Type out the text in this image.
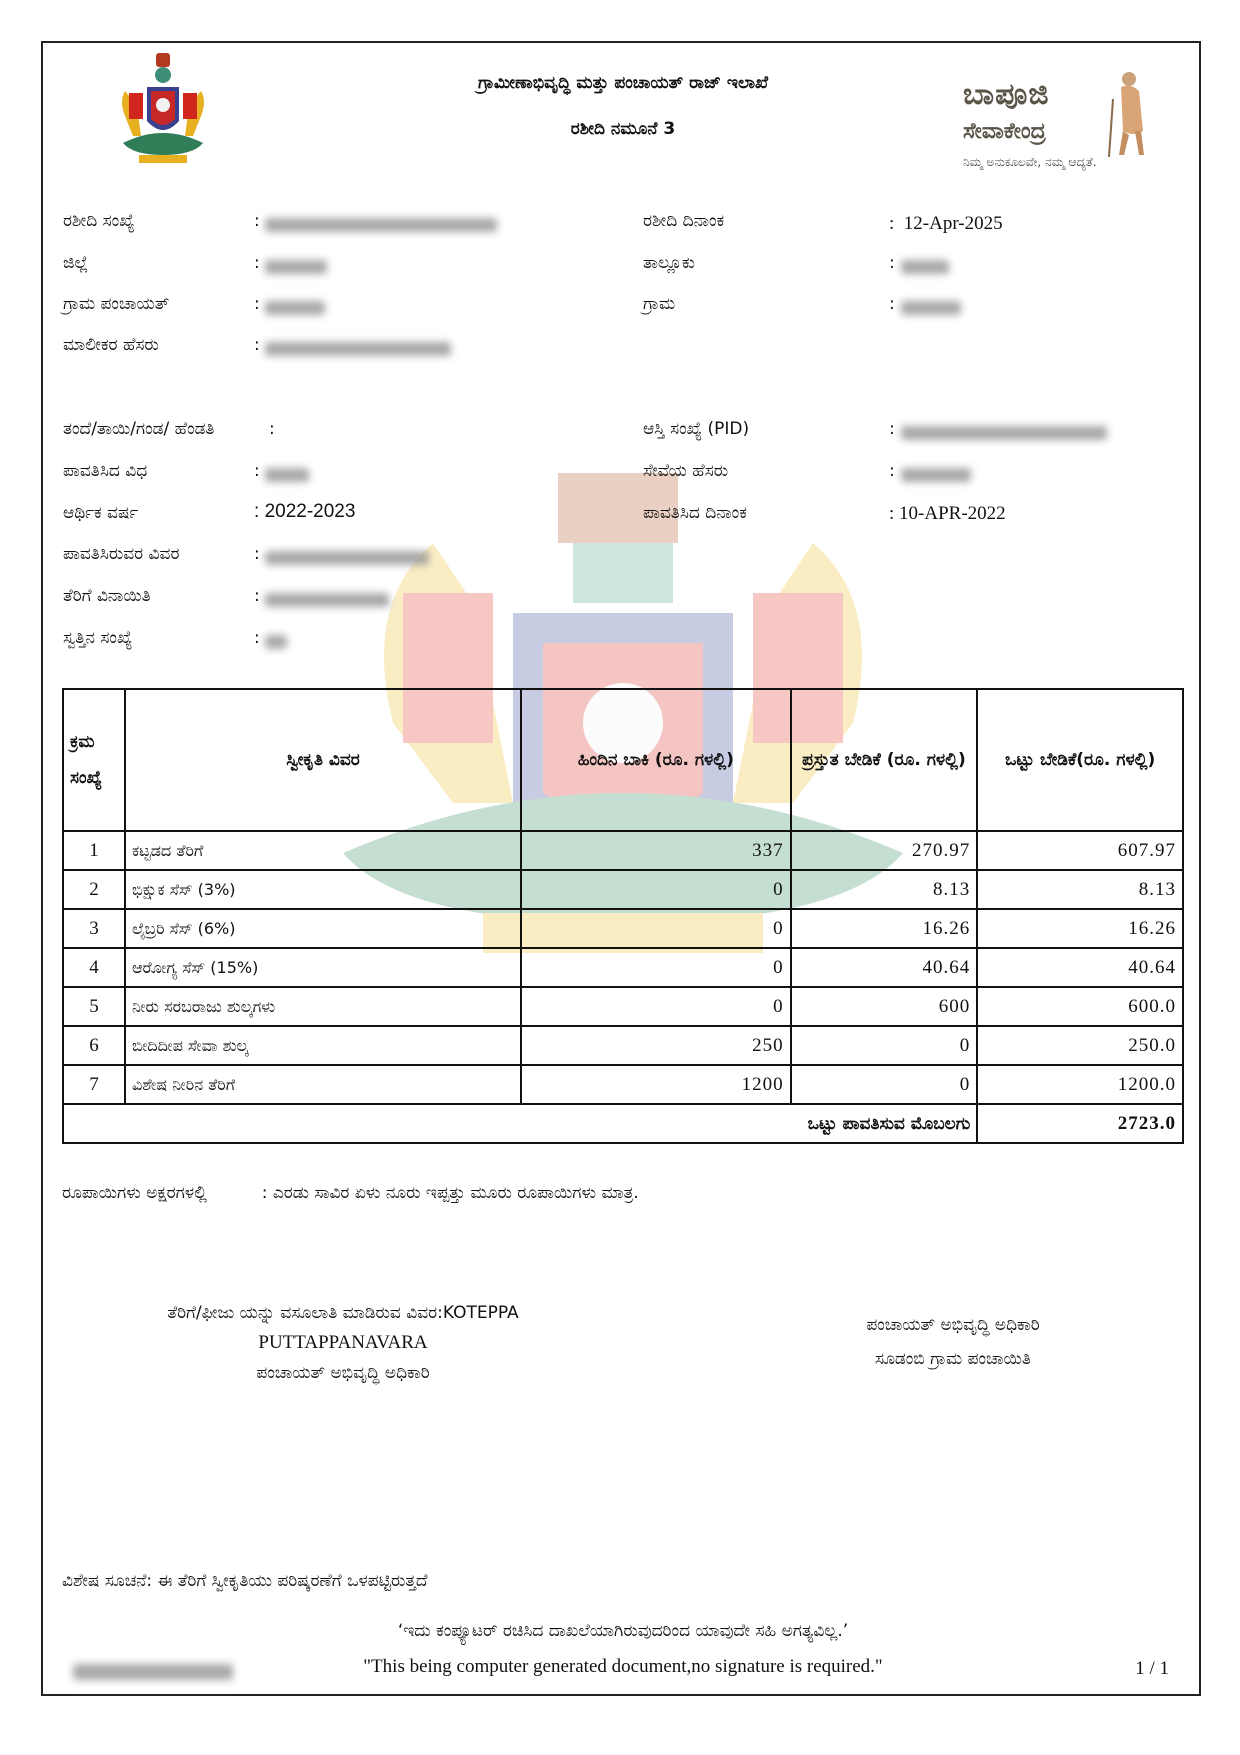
ಗ್ರಾಮೀಣಾಭಿವೃದ್ಧಿ ಮತ್ತು ಪಂಚಾಯತ್ ರಾಜ್ ಇಲಾಖೆ
ರಶೀದಿ ನಮೂನೆ 3
ಬಾಪೂಜಿ
ಸೇವಾಕೇಂದ್ರ
ನಿಮ್ಮ ಅನುಕೂಲವೇ, ನಮ್ಮ ಆದ್ಯತೆ.
ರಶೀದಿ ಸಂಖ್ಯೆ	:	ರಶೀದಿ ದಿನಾಂಕ	:  12-Apr-2025
ಜಿಲ್ಲೆ	:	ತಾಲ್ಲೂಕು	:
ಗ್ರಾಮ ಪಂಚಾಯತ್	:	ಗ್ರಾಮ	:
ಮಾಲೀಕರ ಹೆಸರು	:
ತಂದೆ/ತಾಯಿ/ಗಂಡ/ ಹೆಂಡತಿ	:	ಆಸ್ತಿ ಸಂಖ್ಯೆ (PID)	:
ಪಾವತಿಸಿದ ವಿಧ	:	ಸೇವೆಯ ಹೆಸರು	:
ಆರ್ಥಿಕ ವರ್ಷ	: 2022-2023	ಪಾವತಿಸಿದ ದಿನಾಂಕ	: 10-APR-2022
ಪಾವತಿಸಿರುವರ ವಿವರ	:
ತೆರಿಗೆ ವಿನಾಯಿತಿ	:
ಸ್ವತ್ತಿನ ಸಂಖ್ಯೆ	:
ಕ್ರಮ ಸಂಖ್ಯೆ	ಸ್ವೀಕೃತಿ ವಿವರ	ಹಿಂದಿನ ಬಾಕಿ (ರೂ. ಗಳಲ್ಲಿ)	ಪ್ರಸ್ತುತ ಬೇಡಿಕೆ (ರೂ. ಗಳಲ್ಲಿ)	ಒಟ್ಟು ಬೇಡಿಕೆ(ರೂ. ಗಳಲ್ಲಿ)
1	ಕಟ್ಟಡದ ತೆರಿಗೆ	337	270.97	607.97
2	ಭಿಕ್ಷುಕ ಸೆಸ್ (3%)	0	8.13	8.13
3	ಲೈಬ್ರರಿ ಸೆಸ್ (6%)	0	16.26	16.26
4	ಆರೋಗ್ಯ ಸೆಸ್ (15%)	0	40.64	40.64
5	ನೀರು ಸರಬರಾಜು ಶುಲ್ಕಗಳು	0	600	600.0
6	ಬೀದಿದೀಪ ಸೇವಾ ಶುಲ್ಕ	250	0	250.0
7	ವಿಶೇಷ ನೀರಿನ ತೆರಿಗೆ	1200	0	1200.0
ಒಟ್ಟು ಪಾವತಿಸುವ ಮೊಬಲಗು				2723.0
ರೂಪಾಯಿಗಳು ಅಕ್ಷರಗಳಲ್ಲಿ	: ಎರಡು ಸಾವಿರ ಏಳು ನೂರು ಇಪ್ಪತ್ತು ಮೂರು ರೂಪಾಯಿಗಳು ಮಾತ್ರ.
ತೆರಿಗೆ/ಫೀಜು ಯನ್ನು ವಸೂಲಾತಿ ಮಾಡಿರುವ ವಿವರ:KOTEPPA
PUTTAPPANAVARA
ಪಂಚಾಯತ್ ಅಭಿವೃದ್ಧಿ ಅಧಿಕಾರಿ
ಪಂಚಾಯತ್ ಅಭಿವೃದ್ಧಿ ಅಧಿಕಾರಿ
ಸೂಡಂಬಿ ಗ್ರಾಮ ಪಂಚಾಯಿತಿ
ವಿಶೇಷ ಸೂಚನೆ: ಈ ತೆರಿಗೆ ಸ್ವೀಕೃತಿಯು ಪರಿಷ್ಕರಣೆಗೆ ಒಳಪಟ್ಟಿರುತ್ತದೆ
‘ಇದು ಕಂಪ್ಯೂಟರ್ ರಚಿಸಿದ ದಾಖಲೆಯಾಗಿರುವುದರಿಂದ ಯಾವುದೇ ಸಹಿ ಅಗತ್ಯವಿಲ್ಲ.’
"This being computer generated document,no signature is required."	1 / 1
